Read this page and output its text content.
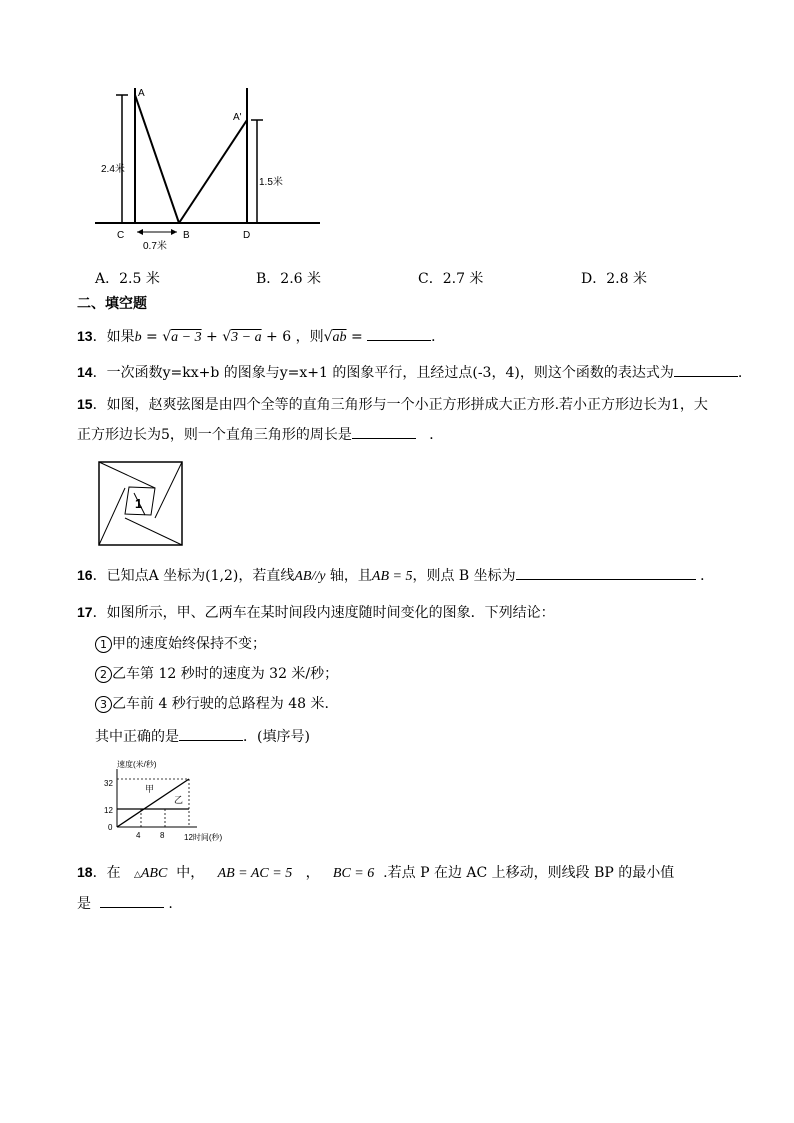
A
A'
C	B	D
2.4米
1.5米
0.7米
A．2.5 米	B．2.6 米	C．2.7 米	D．2.8 米
二、填空题
13．如果b = √a − 3 + √3 − a + 6 ，则√ab =	．
14．一次函数y=kx+b 的图象与y=x+1 的图象平行，且经过点(-3，4)，则这个函数的表达式为	.
15．如图，赵爽弦图是由四个全等的直角三角形与一个小正方形拼成大正方形.若小正方形边长为1，大
正方形边长为5，则一个直角三角形的周长是	．
1
16．已知点A 坐标为(1,2)，若直线AB//y 轴，且AB = 5，则点 B 坐标为	．
17．如图所示，甲、乙两车在某时间段内速度随时间变化的图象．下列结论：
1 甲的速度始终保持不变；
2 乙车第 12 秒时的速度为 32 米/秒；
3 乙车前 4 秒行驶的总路程为 48 米.
其中正确的是	．(填序号)
速度(米/秒)
12时间(秒)
32
12
0
4 8
甲
乙
18．在 △ABC 中， AB = AC = 5   ，   BC = 6 .若点 P 在边 AC 上移动，则线段 BP 的最小值
是	.
